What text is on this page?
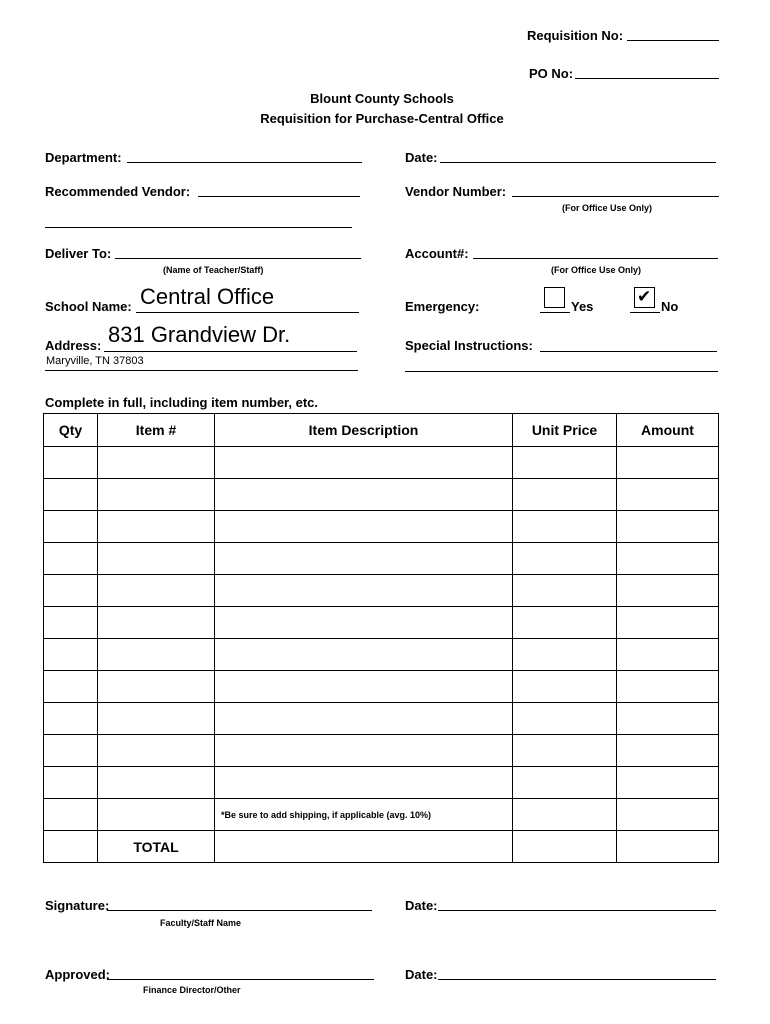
Requisition No:
PO No:
Blount County Schools
Requisition for Purchase-Central Office
Department:	Date:
Recommended Vendor:	Vendor Number:
(For Office Use Only)
Deliver To:
(Name of Teacher/Staff)
Account#:
(For Office Use Only)
School Name: Central Office	Emergency:	Yes
✔
No
Address: 831 Grandview Dr.
Maryville, TN 37803
Special Instructions:
Complete in full, including item number, etc.
Qty	Item #	Item Description	Unit Price	Amount

		*Be sure to add shipping, if applicable (avg. 10%)		
	TOTAL			
Signature:
Faculty/Staff Name
Date:
Approved:
Finance Director/Other
Date:
